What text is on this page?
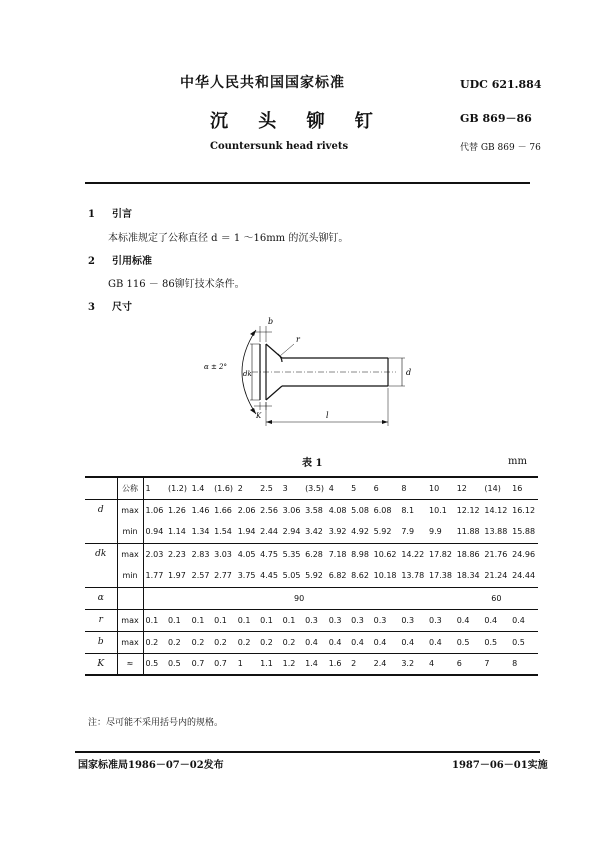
中华人民共和国国家标准	UDC 621.884
沉 头 铆 钉	GB 869－86
Countersunk head rivets	代替 GB 869 － 76
1 引言
本标准规定了公称直径 d ＝ 1 ～16mm 的沉头铆钉。
2 引用标准
GB 116 － 86铆钉技术条件。
3 尺寸
b
r
α ± 2°
dk	d
K	l
表 1	mm
	公称	1	(1.2)	1.4	(1.6)	2	2.5	3	(3.5)	4	5	6	8	10	12	(14)	16
d	max	1.06	1.26	1.46	1.66	2.06	2.56	3.06	3.58	4.08	5.08	6.08	8.1	10.1	12.12	14.12	16.12
	min	0.94	1.14	1.34	1.54	1.94	2.44	2.94	3.42	3.92	4.92	5.92	7.9	9.9	11.88	13.88	15.88
dk	max	2.03	2.23	2.83	3.03	4.05	4.75	5.35	6.28	7.18	8.98	10.62	14.22	17.82	18.86	21.76	24.96
	min	1.77	1.97	2.57	2.77	3.75	4.45	5.05	5.92	6.82	8.62	10.18	13.78	17.38	18.34	21.24	24.44
α		90													60		
r	max	0.1	0.1	0.1	0.1	0.1	0.1	0.1	0.3	0.3	0.3	0.3	0.3	0.3	0.4	0.4	0.4
b	max	0.2	0.2	0.2	0.2	0.2	0.2	0.2	0.4	0.4	0.4	0.4	0.4	0.4	0.5	0.5	0.5
K	≈	0.5	0.5	0.7	0.7	1	1.1	1.2	1.4	1.6	2	2.4	3.2	4	6	7	8
注：尽可能不采用括号内的规格。
国家标准局1986－07－02发布	1987－06－01实施
